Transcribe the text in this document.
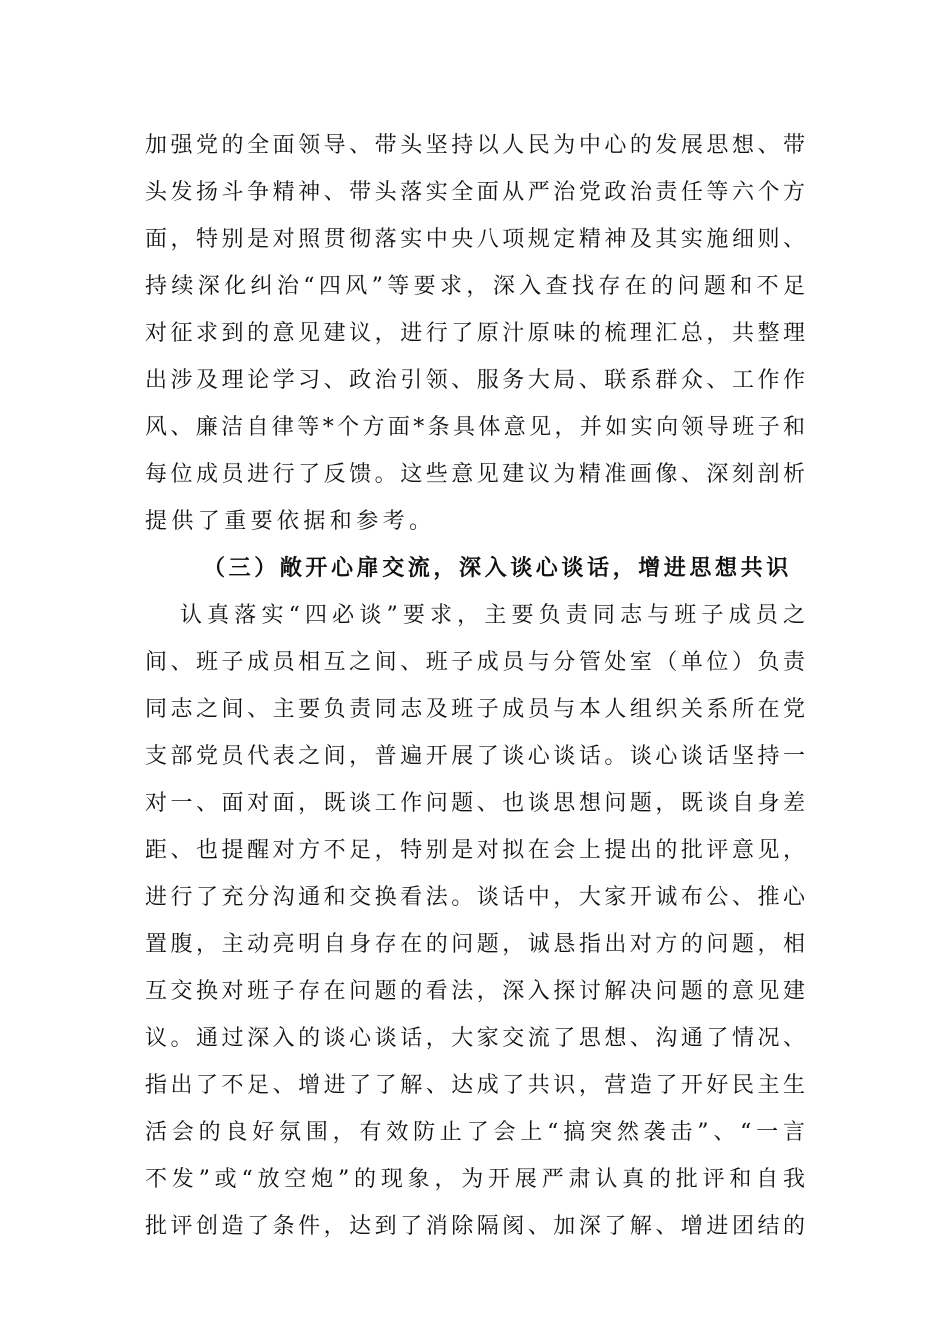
加强党的全面领导、带头坚持以人民为中心的发展思想、带
头发扬斗争精神、带头落实全面从严治党政治责任等六个方
面，特别是对照贯彻落实中央八项规定精神及其实施细则、
持续深化纠治“四风”等要求，深入查找存在的问题和不足
对征求到的意见建议，进行了原汁原味的梳理汇总，共整理
出涉及理论学习、政治引领、服务大局、联系群众、工作作
风、廉洁自律等*个方面*条具体意见，并如实向领导班子和
每位成员进行了反馈。这些意见建议为精准画像、深刻剖析
提供了重要依据和参考。
（三）敞开心扉交流，深入谈心谈话，增进思想共识
认真落实“四必谈”要求，主要负责同志与班子成员之
间、班子成员相互之间、班子成员与分管处室（单位）负责
同志之间、主要负责同志及班子成员与本人组织关系所在党
支部党员代表之间，普遍开展了谈心谈话。谈心谈话坚持一
对一、面对面，既谈工作问题、也谈思想问题，既谈自身差
距、也提醒对方不足，特别是对拟在会上提出的批评意见，
进行了充分沟通和交换看法。谈话中，大家开诚布公、推心
置腹，主动亮明自身存在的问题，诚恳指出对方的问题，相
互交换对班子存在问题的看法，深入探讨解决问题的意见建
议。通过深入的谈心谈话，大家交流了思想、沟通了情况、
指出了不足、增进了了解、达成了共识，营造了开好民主生
活会的良好氛围，有效防止了会上“搞突然袭击”、“一言
不发”或“放空炮”的现象，为开展严肃认真的批评和自我
批评创造了条件，达到了消除隔阂、加深了解、增进团结的
